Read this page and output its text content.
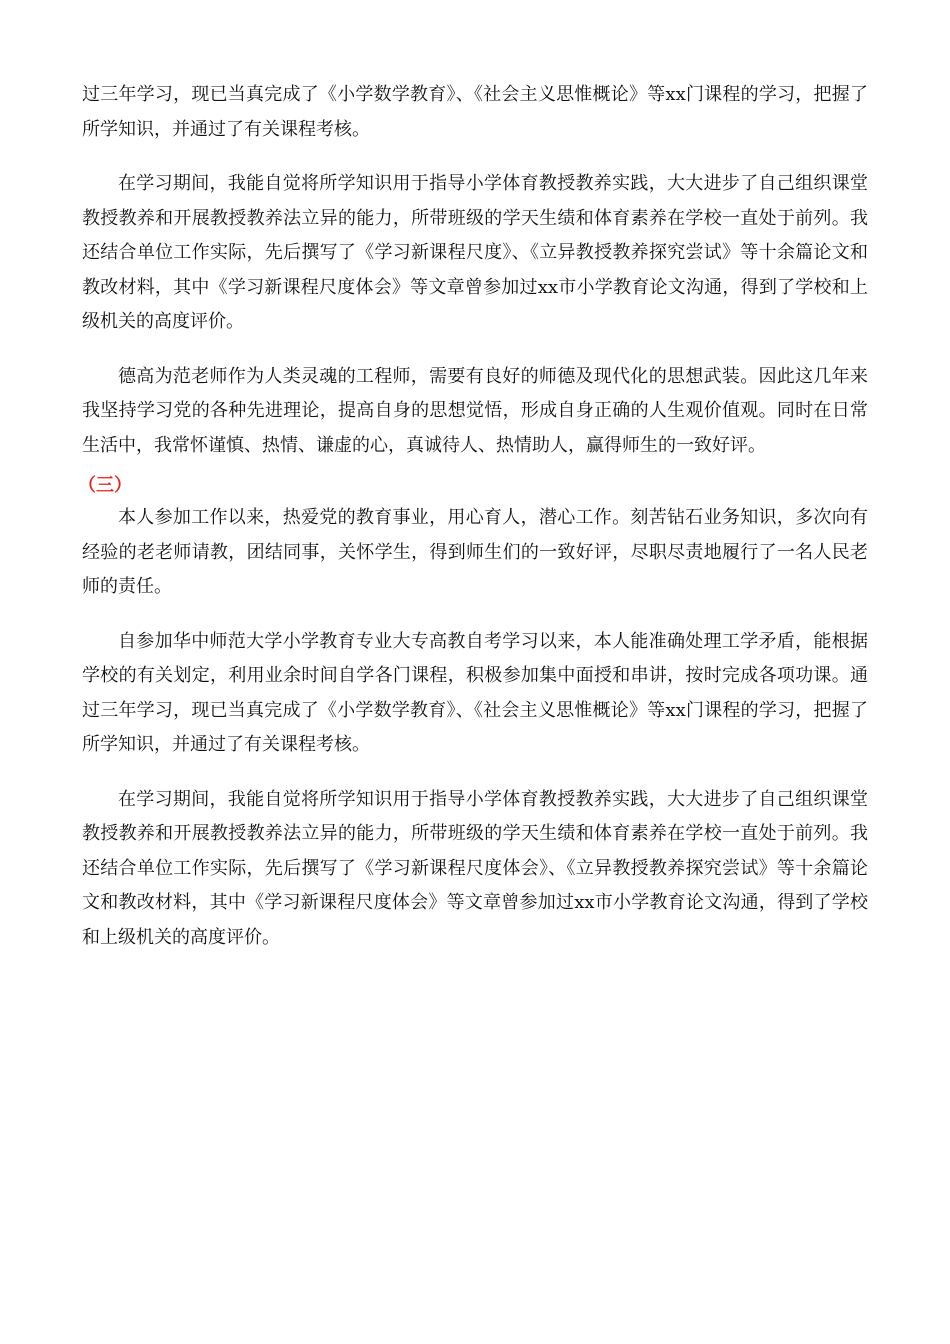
过三年学习，现已当真完成了《小学数学教育》、《社会主义思惟概论》等xx门课程的学习，把握了所学知识，并通过了有关课程考核。

在学习期间，我能自觉将所学知识用于指导小学体育教授教养实践，大大进步了自己组织课堂教授教养和开展教授教养法立异的能力，所带班级的学天生绩和体育素养在学校一直处于前列。我还结合单位工作实际，先后撰写了《学习新课程尺度》、《立异教授教养探究尝试》等十余篇论文和教改材料，其中《学习新课程尺度体会》等文章曾参加过xx市小学教育论文沟通，得到了学校和上级机关的高度评价。

德高为范老师作为人类灵魂的工程师，需要有良好的师德及现代化的思想武装。因此这几年来我坚持学习党的各种先进理论，提高自身的思想觉悟，形成自身正确的人生观价值观。同时在日常生活中，我常怀谨慎、热情、谦虚的心，真诚待人、热情助人，赢得师生的一致好评。

（三）

本人参加工作以来，热爱党的教育事业，用心育人，潜心工作。刻苦钻石业务知识，多次向有经验的老老师请教，团结同事，关怀学生，得到师生们的一致好评，尽职尽责地履行了一名人民老师的责任。

自参加华中师范大学小学教育专业大专高教自考学习以来，本人能准确处理工学矛盾，能根据学校的有关划定，利用业余时间自学各门课程，积极参加集中面授和串讲，按时完成各项功课。通过三年学习，现已当真完成了《小学数学教育》、《社会主义思惟概论》等xx门课程的学习，把握了所学知识，并通过了有关课程考核。

在学习期间，我能自觉将所学知识用于指导小学体育教授教养实践，大大进步了自己组织课堂教授教养和开展教授教养法立异的能力，所带班级的学天生绩和体育素养在学校一直处于前列。我还结合单位工作实际，先后撰写了《学习新课程尺度体会》、《立异教授教养探究尝试》等十余篇论文和教改材料，其中《学习新课程尺度体会》等文章曾参加过xx市小学教育论文沟通，得到了学校和上级机关的高度评价。
